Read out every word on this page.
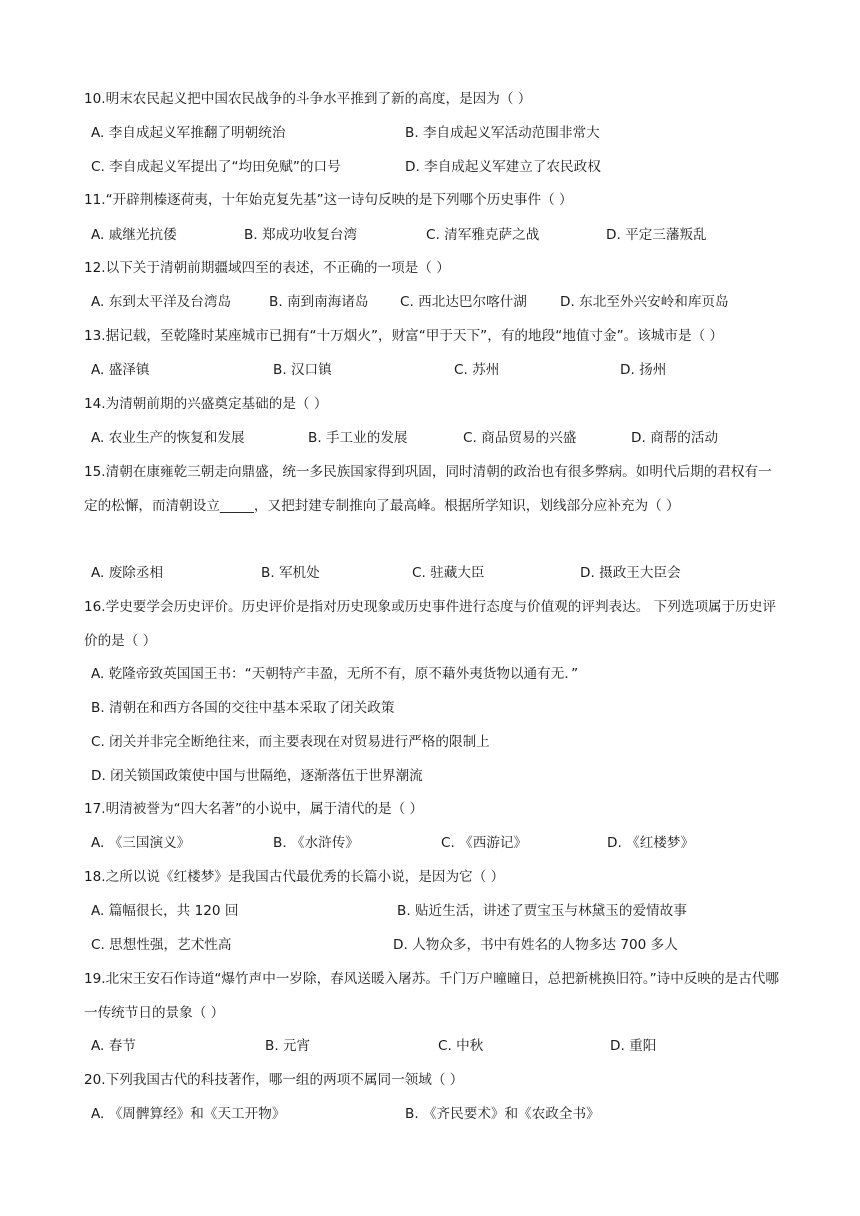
10.明末农民起义把中国农民战争的斗争水平推到了新的高度，是因为（ ）
A. 李自成起义军推翻了明朝统治	B. 李自成起义军活动范围非常大
C. 李自成起义军提出了“均田免赋”的口号	D. 李自成起义军建立了农民政权
11.“开辟荆榛逐荷夷，十年始克复先基”这一诗句反映的是下列哪个历史事件（ ）
A. 戚继光抗倭	B. 郑成功收复台湾	C. 清军雅克萨之战	D. 平定三藩叛乱
12.以下关于清朝前期疆域四至的表述，不正确的一项是（ ）
A. 东到太平洋及台湾岛	B. 南到南海诸岛 C. 西北达巴尔喀什湖 D. 东北至外兴安岭和库页岛
13.据记载，至乾隆时某座城市已拥有“十万烟火”，财富“甲于天下”，有的地段“地值寸金”。该城市是（ ）
A. 盛泽镇	B. 汉口镇	C. 苏州	D. 扬州
14.为清朝前期的兴盛奠定基础的是（ ）
A. 农业生产的恢复和发展	B. 手工业的发展	C. 商品贸易的兴盛	D. 商帮的活动
15.清朝在康雍乾三朝走向鼎盛，统一多民族国家得到巩固，同时清朝的政治也有很多弊病。如明代后期的君权有一定的松懈，而清朝设立_____，又把封建专制推向了最高峰。根据所学知识，划线部分应补充为（ ）
A. 废除丞相	B. 军机处	C. 驻藏大臣	D. 摄政王大臣会
16.学史要学会历史评价。历史评价是指对历史现象或历史事件进行态度与价值观的评判表达。 下列选项属于历史评价的是（ ）
A. 乾隆帝致英国国王书：“天朝特产丰盈，无所不有，原不藉外夷货物以通有无．”
B. 清朝在和西方各国的交往中基本采取了闭关政策
C. 闭关并非完全断绝往来，而主要表现在对贸易进行严格的限制上
D. 闭关锁国政策使中国与世隔绝，逐渐落伍于世界潮流
17.明清被誉为“四大名著”的小说中，属于清代的是（ ）
A. 《三国演义》	B. 《水浒传》	C. 《西游记》	D. 《红楼梦》
18.之所以说《红楼梦》是我国古代最优秀的长篇小说，是因为它（ ）
A. 篇幅很长，共 120 回	B. 贴近生活，讲述了贾宝玉与林黛玉的爱情故事
C. 思想性强，艺术性高	D. 人物众多，书中有姓名的人物多达 700 多人
19.北宋王安石作诗道“爆竹声中一岁除，春风送暖入屠苏。千门万户曈曈日，总把新桃换旧符。”诗中反映的是古代哪一传统节日的景象（ ）
A. 春节	B. 元宵	C. 中秋	D. 重阳
20.下列我国古代的科技著作，哪一组的两项不属同一领域（ ）
A. 《周髀算经》和《天工开物》	B. 《齐民要术》和《农政全书》
